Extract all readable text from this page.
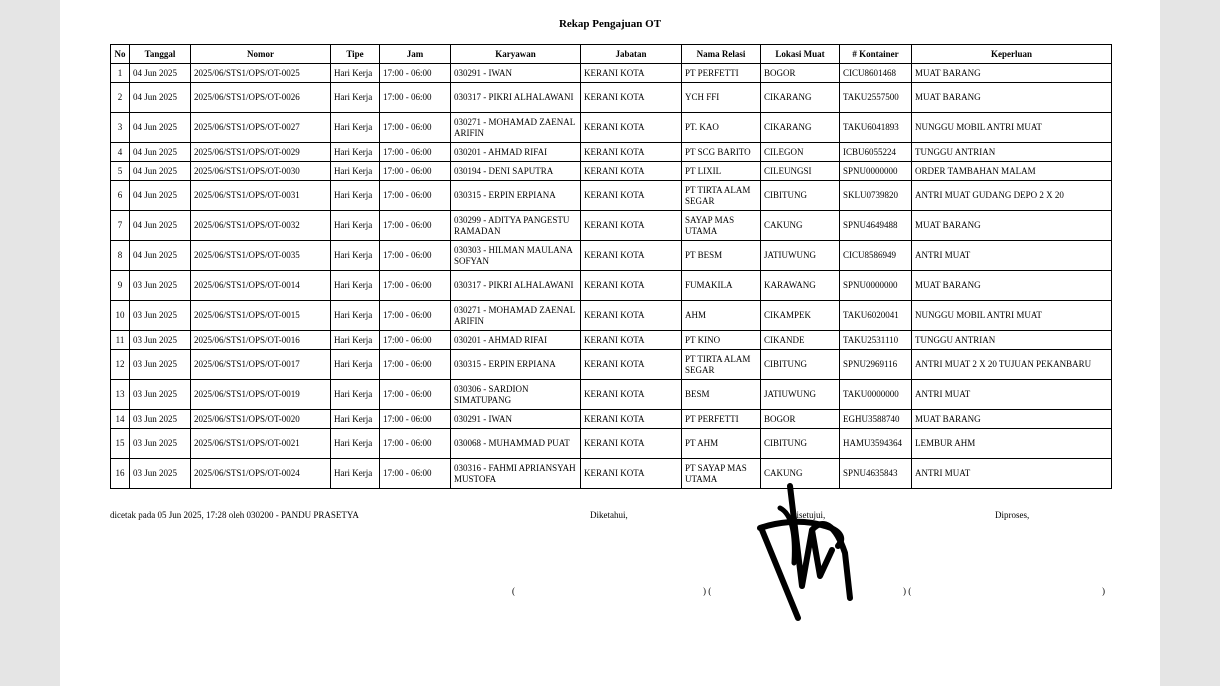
Rekap Pengajuan OT
No	Tanggal	Nomor	Tipe	Jam	Karyawan	Jabatan	Nama Relasi	Lokasi Muat	# Kontainer	Keperluan
1	04 Jun 2025	2025/06/STS1/OPS/OT-0025	Hari Kerja	17:00 - 06:00	030291 - IWAN	KERANI KOTA	PT PERFETTI	BOGOR	CICU8601468	MUAT BARANG
2	04 Jun 2025	2025/06/STS1/OPS/OT-0026	Hari Kerja	17:00 - 06:00	030317 - PIKRI ALHALAWANI	KERANI KOTA	YCH FFI	CIKARANG	TAKU2557500	MUAT BARANG
3	04 Jun 2025	2025/06/STS1/OPS/OT-0027	Hari Kerja	17:00 - 06:00	030271 - MOHAMAD ZAENAL ARIFIN	KERANI KOTA	PT. KAO	CIKARANG	TAKU6041893	NUNGGU MOBIL ANTRI MUAT
4	04 Jun 2025	2025/06/STS1/OPS/OT-0029	Hari Kerja	17:00 - 06:00	030201 - AHMAD RIFAI	KERANI KOTA	PT SCG BARITO	CILEGON	ICBU6055224	TUNGGU ANTRIAN
5	04 Jun 2025	2025/06/STS1/OPS/OT-0030	Hari Kerja	17:00 - 06:00	030194 - DENI SAPUTRA	KERANI KOTA	PT LIXIL	CILEUNGSI	SPNU0000000	ORDER TAMBAHAN MALAM
6	04 Jun 2025	2025/06/STS1/OPS/OT-0031	Hari Kerja	17:00 - 06:00	030315 - ERPIN ERPIANA	KERANI KOTA	PT TIRTA ALAM SEGAR	CIBITUNG	SKLU0739820	ANTRI MUAT GUDANG DEPO 2 X 20
7	04 Jun 2025	2025/06/STS1/OPS/OT-0032	Hari Kerja	17:00 - 06:00	030299 - ADITYA PANGESTU RAMADAN	KERANI KOTA	SAYAP MAS UTAMA	CAKUNG	SPNU4649488	MUAT BARANG
8	04 Jun 2025	2025/06/STS1/OPS/OT-0035	Hari Kerja	17:00 - 06:00	030303 - HILMAN MAULANA SOFYAN	KERANI KOTA	PT BESM	JATIUWUNG	CICU8586949	ANTRI MUAT
9	03 Jun 2025	2025/06/STS1/OPS/OT-0014	Hari Kerja	17:00 - 06:00	030317 - PIKRI ALHALAWANI	KERANI KOTA	FUMAKILA	KARAWANG	SPNU0000000	MUAT BARANG
10	03 Jun 2025	2025/06/STS1/OPS/OT-0015	Hari Kerja	17:00 - 06:00	030271 - MOHAMAD ZAENAL ARIFIN	KERANI KOTA	AHM	CIKAMPEK	TAKU6020041	NUNGGU MOBIL ANTRI MUAT
11	03 Jun 2025	2025/06/STS1/OPS/OT-0016	Hari Kerja	17:00 - 06:00	030201 - AHMAD RIFAI	KERANI KOTA	PT KINO	CIKANDE	TAKU2531110	TUNGGU ANTRIAN
12	03 Jun 2025	2025/06/STS1/OPS/OT-0017	Hari Kerja	17:00 - 06:00	030315 - ERPIN ERPIANA	KERANI KOTA	PT TIRTA ALAM SEGAR	CIBITUNG	SPNU2969116	ANTRI MUAT 2 X 20 TUJUAN PEKANBARU
13	03 Jun 2025	2025/06/STS1/OPS/OT-0019	Hari Kerja	17:00 - 06:00	030306 - SARDION SIMATUPANG	KERANI KOTA	BESM	JATIUWUNG	TAKU0000000	ANTRI MUAT
14	03 Jun 2025	2025/06/STS1/OPS/OT-0020	Hari Kerja	17:00 - 06:00	030291 - IWAN	KERANI KOTA	PT PERFETTI	BOGOR	EGHU3588740	MUAT BARANG
15	03 Jun 2025	2025/06/STS1/OPS/OT-0021	Hari Kerja	17:00 - 06:00	030068 - MUHAMMAD PUAT	KERANI KOTA	PT AHM	CIBITUNG	HAMU3594364	LEMBUR AHM
16	03 Jun 2025	2025/06/STS1/OPS/OT-0024	Hari Kerja	17:00 - 06:00	030316 - FAHMI APRIANSYAH MUSTOFA	KERANI KOTA	PT SAYAP MAS UTAMA	CAKUNG	SPNU4635843	ANTRI MUAT
dicetak pada 05 Jun 2025, 17:28 oleh 030200 - PANDU PRASETYA	Diketahui,	Disetujui,	Diproses,
(	) (	) (	)
